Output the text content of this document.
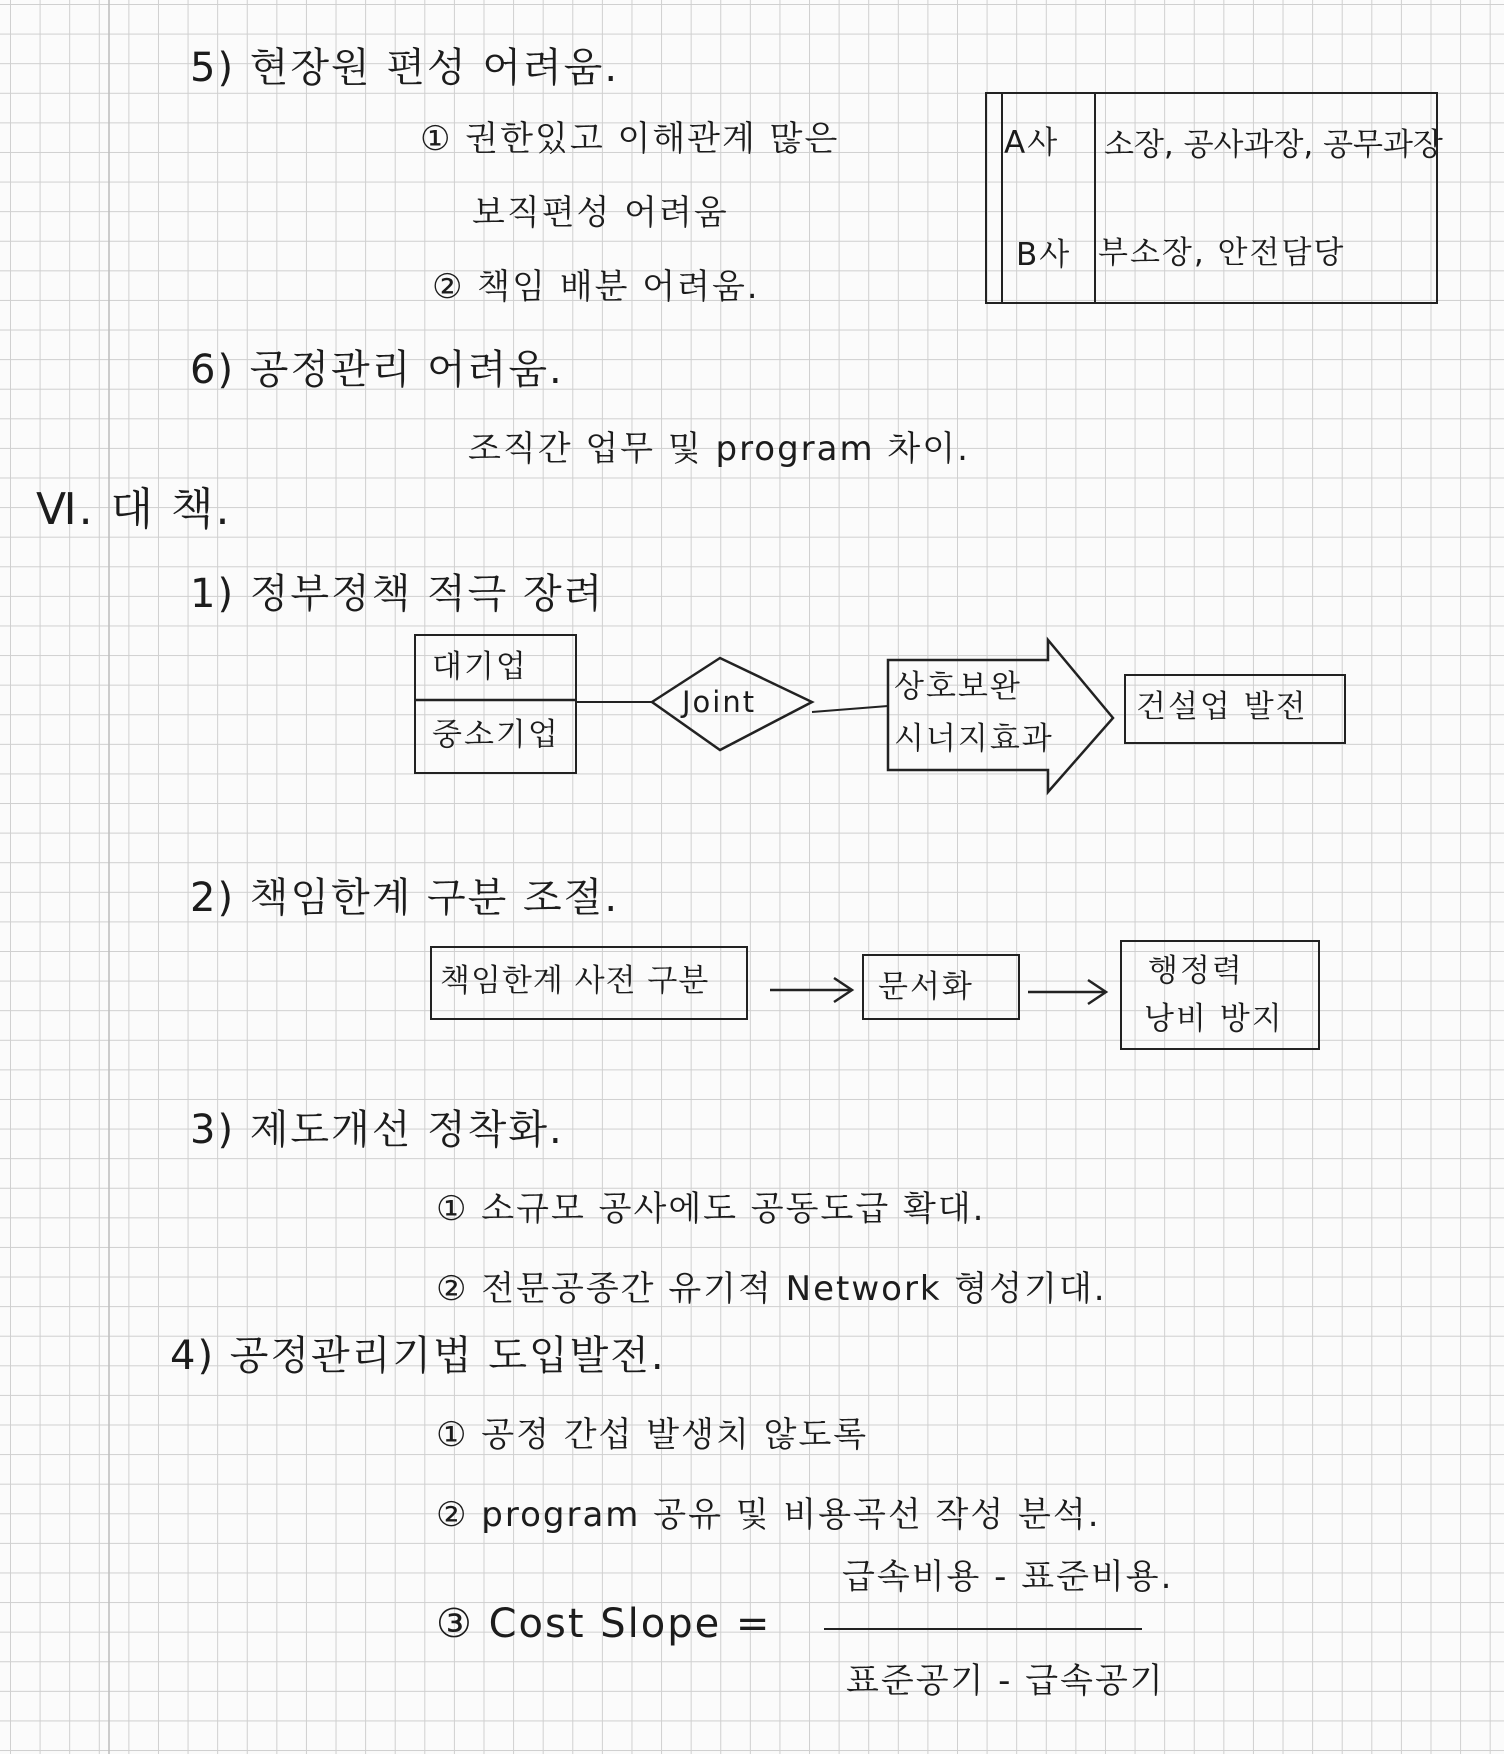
5) 현장원 편성 어려움.
① 권한있고 이해관계 많은
보직편성 어려움
② 책임 배분 어려움.
A사 소장, 공사과장, 공무과장
B사 부소장, 안전담당
6) 공정관리 어려움.
조직간 업무 및 program 차이.
Ⅵ. 대 책.
1) 정부정책 적극 장려
대기업
중소기업
Joint	상호보완
시너지효과
건설업 발전
2) 책임한계 구분 조절.
책임한계 사전 구분	문서화	행정력
낭비 방지
3) 제도개선 정착화.
① 소규모 공사에도 공동도급 확대.
② 전문공종간 유기적 Network 형성기대.
4) 공정관리기법 도입발전.
① 공정 간섭 발생치 않도록
② program 공유 및 비용곡선 작성 분석.
③ Cost Slope =
급속비용 - 표준비용.
표준공기 - 급속공기
